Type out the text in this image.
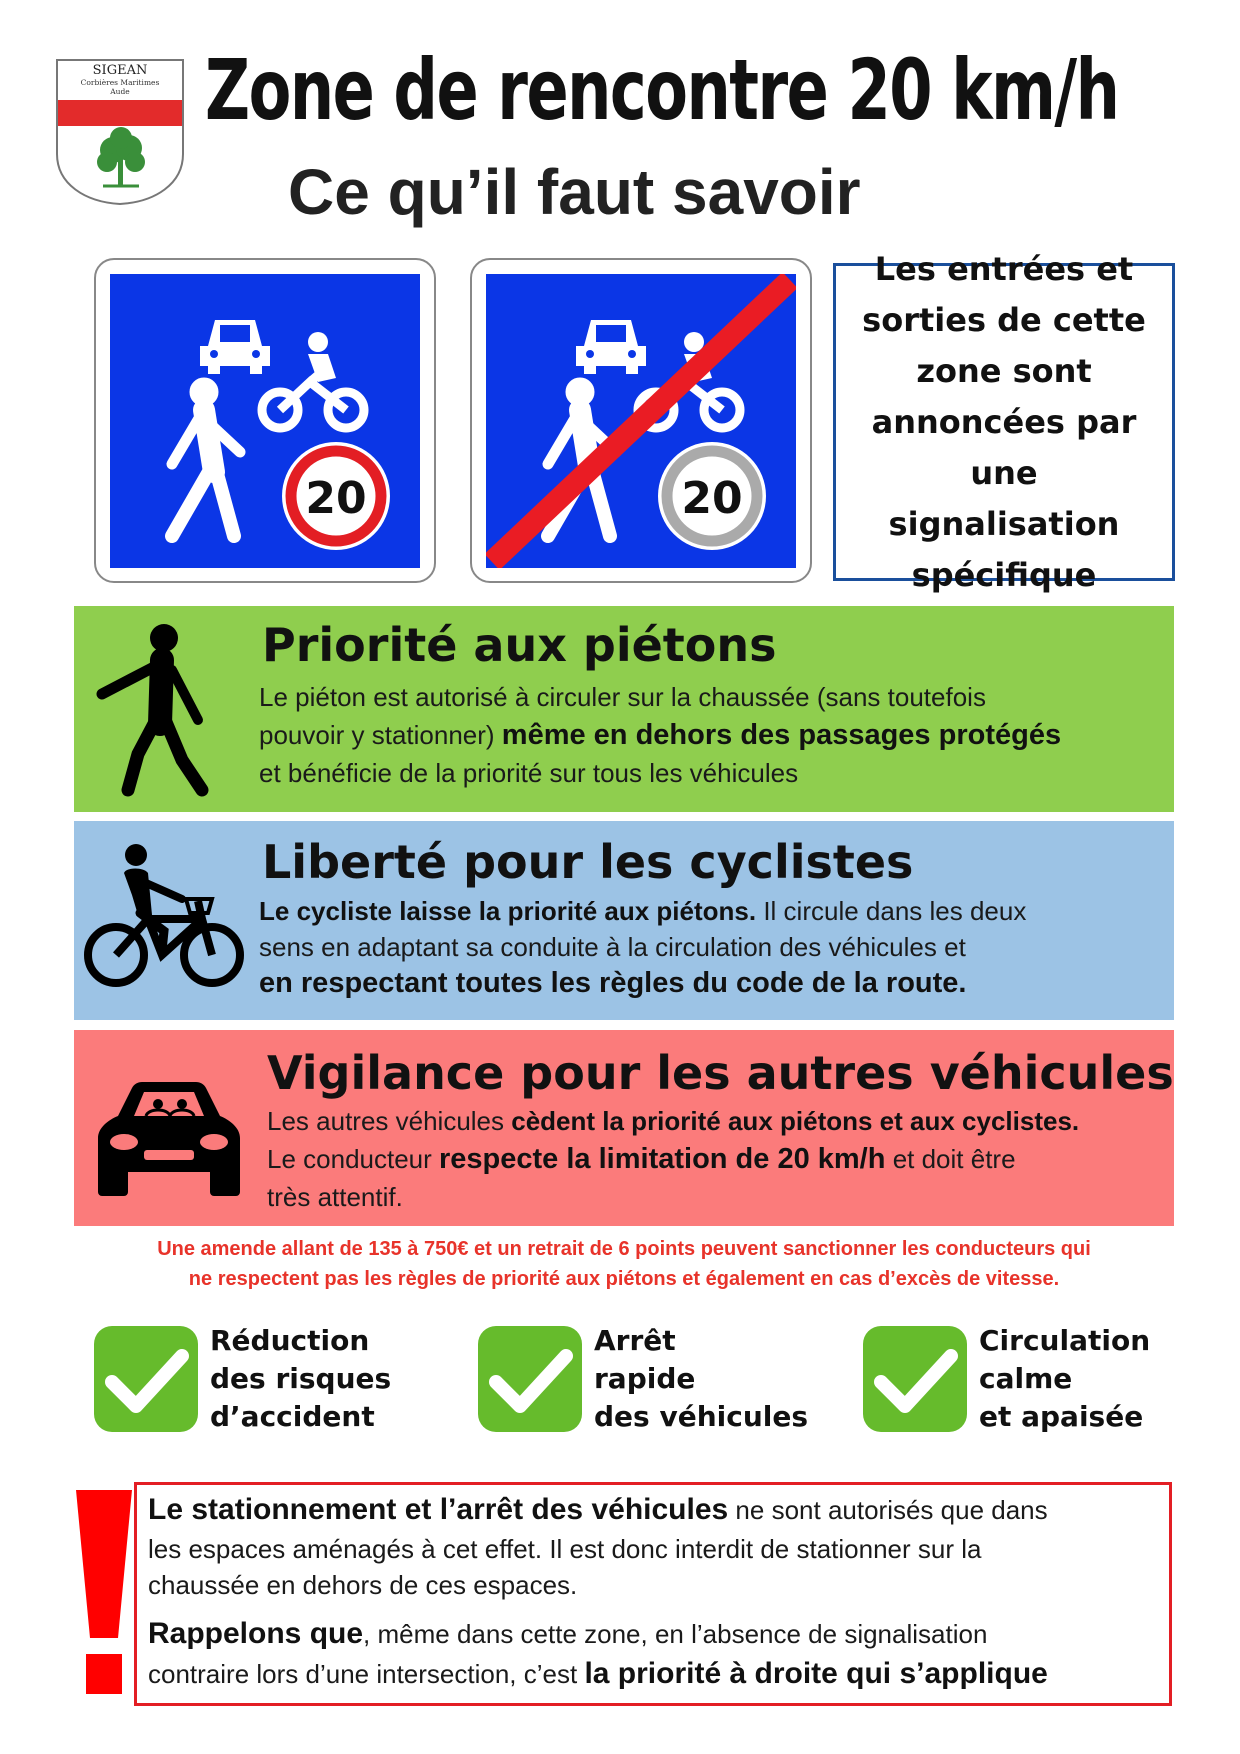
SIGEAN
Corbières Maritimes
Aude Zone de rencontre 20 km/h
Ce qu’il faut savoir
20	20

Les entrées et
sorties de cette
zone sont
annoncées par une
signalisation
spécifique

Priorité aux piétons

Le piéton est autorisé à circuler sur la chaussée (sans toutefois

pouvoir y stationner) même en dehors des passages protégés

et bénéficie de la priorité sur tous les véhicules

Liberté pour les cyclistes

Le cycliste laisse la priorité aux piétons. Il circule dans les deux

sens en adaptant sa conduite à la circulation des véhicules et

en respectant toutes les règles du code de la route.

Vigilance pour les autres véhicules

Les autres véhicules cèdent la priorité aux piétons et aux cyclistes.

Le conducteur respecte la limitation de 20 km/h et doit être

très attentif.

Une amende allant de 135 à 750€ et un retrait de 6 points peuvent sanctionner les conducteurs qui
ne respectent pas les règles de priorité aux piétons et également en cas d’excès de vitesse.

Réduction
des risques
d’accident

Arrêt
rapide
des véhicules

Circulation
calme
et apaisée

Le stationnement et l’arrêt des véhicules ne sont autorisés que dans

les espaces aménagés à cet effet. Il est donc interdit de stationner sur la

chaussée en dehors de ces espaces.

Rappelons que, même dans cette zone, en l’absence de signalisation

contraire lors d’une intersection, c’est la priorité à droite qui s’applique
